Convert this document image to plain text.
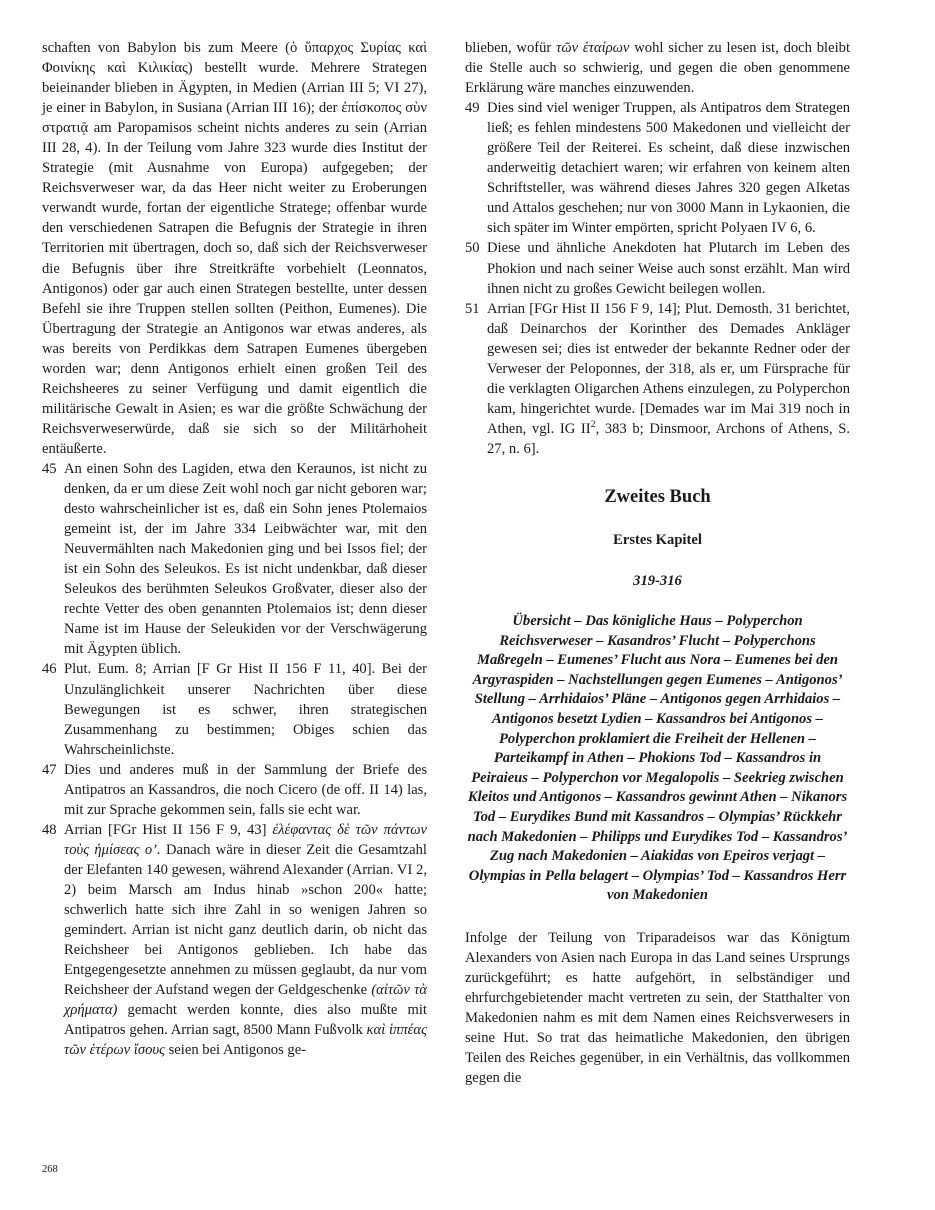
schaften von Babylon bis zum Meere (ὁ ὕπαρχος Συρίας καὶ Φοινίκης καὶ Κιλικίας) bestellt wurde. Mehrere Strategen beieinander blieben in Ägypten, in Medien (Arrian III 5; VI 27), je einer in Babylon, in Susiana (Arrian III 16); der ἐπίσκοπος σὺν στρατιᾷ am Paropamisos scheint nichts anderes zu sein (Arrian III 28, 4). In der Teilung vom Jahre 323 wurde dies Institut der Strategie (mit Ausnahme von Europa) aufgegeben; der Reichsverweser war, da das Heer nicht weiter zu Eroberungen verwandt wurde, fortan der eigentliche Stratege; offenbar wurde den verschiedenen Satrapen die Befugnis der Strategie in ihren Territorien mit übertragen, doch so, daß sich der Reichsverweser die Befugnis über ihre Streitkräfte vorbehielt (Leonnatos, Antigonos) oder gar auch einen Strategen bestellte, unter dessen Befehl sie ihre Truppen stellen sollten (Peithon, Eumenes). Die Übertragung der Strategie an Antigonos war etwas anderes, als was bereits von Perdikkas dem Satrapen Eumenes übergeben worden war; denn Antigonos erhielt einen großen Teil des Reichsheeres zu seiner Verfügung und damit eigentlich die militärische Gewalt in Asien; es war die größte Schwächung der Reichsverweserwürde, daß sie sich so der Militärhoheit entäußerte.

45 An einen Sohn des Lagiden, etwa den Keraunos, ist nicht zu denken, da er um diese Zeit wohl noch gar nicht geboren war; desto wahrscheinlicher ist es, daß ein Sohn jenes Ptolemaios gemeint ist, der im Jahre 334 Leibwächter war, mit den Neuvermählten nach Makedonien ging und bei Issos fiel; der ist ein Sohn des Seleukos. Es ist nicht undenkbar, daß dieser Seleukos des berühmten Seleukos Großvater, dieser also der rechte Vetter des oben genannten Ptolemaios ist; denn dieser Name ist im Hause der Seleukiden vor der Verschwägerung mit Ägypten üblich.
46 Plut. Eum. 8; Arrian [F Gr Hist II 156 F 11, 40]. Bei der Unzulänglichkeit unserer Nachrichten über diese Bewegungen ist es schwer, ihren strategischen Zusammenhang zu bestimmen; Obiges schien das Wahrscheinlichste.
47 Dies und anderes muß in der Sammlung der Briefe des Antipatros an Kassandros, die noch Cicero (de off. II 14) las, mit zur Sprache gekommen sein, falls sie echt war.
48 Arrian [FGr Hist II 156 F 9, 43] ἐλέφαντας δὲ τῶν πάντων τοὺς ἡμίσεας ο’. Danach wäre in dieser Zeit die Gesamtzahl der Elefanten 140 gewesen, während Alexander (Arrian. VI 2, 2) beim Marsch am Indus hinab »schon 200« hatte; schwerlich hatte sich ihre Zahl in so wenigen Jahren so gemindert. Arrian ist nicht ganz deutlich darin, ob nicht das Reichsheer bei Antigonos geblieben. Ich habe das Entgegengesetzte annehmen zu müssen geglaubt, da nur vom Reichsheer der Aufstand wegen der Geldgeschenke (αἰτῶν τὰ χρήματα) gemacht werden konnte, dies also mußte mit Antipatros gehen. Arrian sagt, 8500 Mann Fußvolk καὶ ἱππέας τῶν ἑτέρων ἴσους seien bei Antigonos ge-

blieben, wofür τῶν ἑταίρων wohl sicher zu lesen ist, doch bleibt die Stelle auch so schwierig, und gegen die oben genommene Erklärung wäre manches einzuwenden.

49 Dies sind viel weniger Truppen, als Antipatros dem Strategen ließ; es fehlen mindestens 500 Makedonen und vielleicht der größere Teil der Reiterei. Es scheint, daß diese inzwischen anderweitig detachiert waren; wir erfahren von keinem alten Schriftsteller, was während dieses Jahres 320 gegen Alketas und Attalos geschehen; nur von 3000 Mann in Lykaonien, die sich später im Winter empörten, spricht Polyaen IV 6, 6.
50 Diese und ähnliche Anekdoten hat Plutarch im Leben des Phokion und nach seiner Weise auch sonst erzählt. Man wird ihnen nicht zu großes Gewicht beilegen wollen.
51 Arrian [FGr Hist II 156 F 9, 14]; Plut. Demosth. 31 berichtet, daß Deinarchos der Korinther des Demades Ankläger gewesen sei; dies ist entweder der bekannte Redner oder der Verweser der Peloponnes, der 318, als er, um Fürsprache für die verklagten Oligarchen Athens einzulegen, zu Polyperchon kam, hingerichtet wurde. [Demades war im Mai 319 noch in Athen, vgl. IG $II^2$, 383 b; Dinsmoor, Archons of Athens, S. 27, n. 6].
Zweites Buch
Erstes Kapitel
319-316
Übersicht – Das königliche Haus – Polyperchon Reichsverweser – Kasandros’ Flucht – Polyperchons Maßregeln – Eumenes’ Flucht aus Nora – Eumenes bei den Argyraspiden – Nachstellungen gegen Eumenes – Antigonos’ Stellung – Arrhidaios’ Pläne – Antigonos gegen Arrhidaios – Antigonos besetzt Lydien – Kassandros bei Antigonos – Polyperchon proklamiert die Freiheit der Hellenen – Parteikampf in Athen – Phokions Tod – Kassandros in Peiraieus – Polyperchon vor Megalopolis – Seekrieg zwischen Kleitos und Antigonos – Kassandros gewinnt Athen – Nikanors Tod – Eurydikes Bund mit Kassandros – Olympias’ Rückkehr nach Makedonien – Philipps und Eurydikes Tod – Kassandros’ Zug nach Makedonien – Aiakidas von Epeiros verjagt – Olympias in Pella belagert – Olympias’ Tod – Kassandros Herr von Makedonien

Infolge der Teilung von Triparadeisos war das Königtum Alexanders von Asien nach Europa in das Land seines Ursprungs zurückgeführt; es hatte aufgehört, in selbständiger und ehrfurchgebietender macht vertreten zu sein, der Statthalter von Makedonien nahm es mit dem Namen eines Reichsverwesers in seine Hut. So trat das heimatliche Makedonien, den übrigen Teilen des Reiches gegenüber, in ein Verhältnis, das vollkommen gegen die

268
